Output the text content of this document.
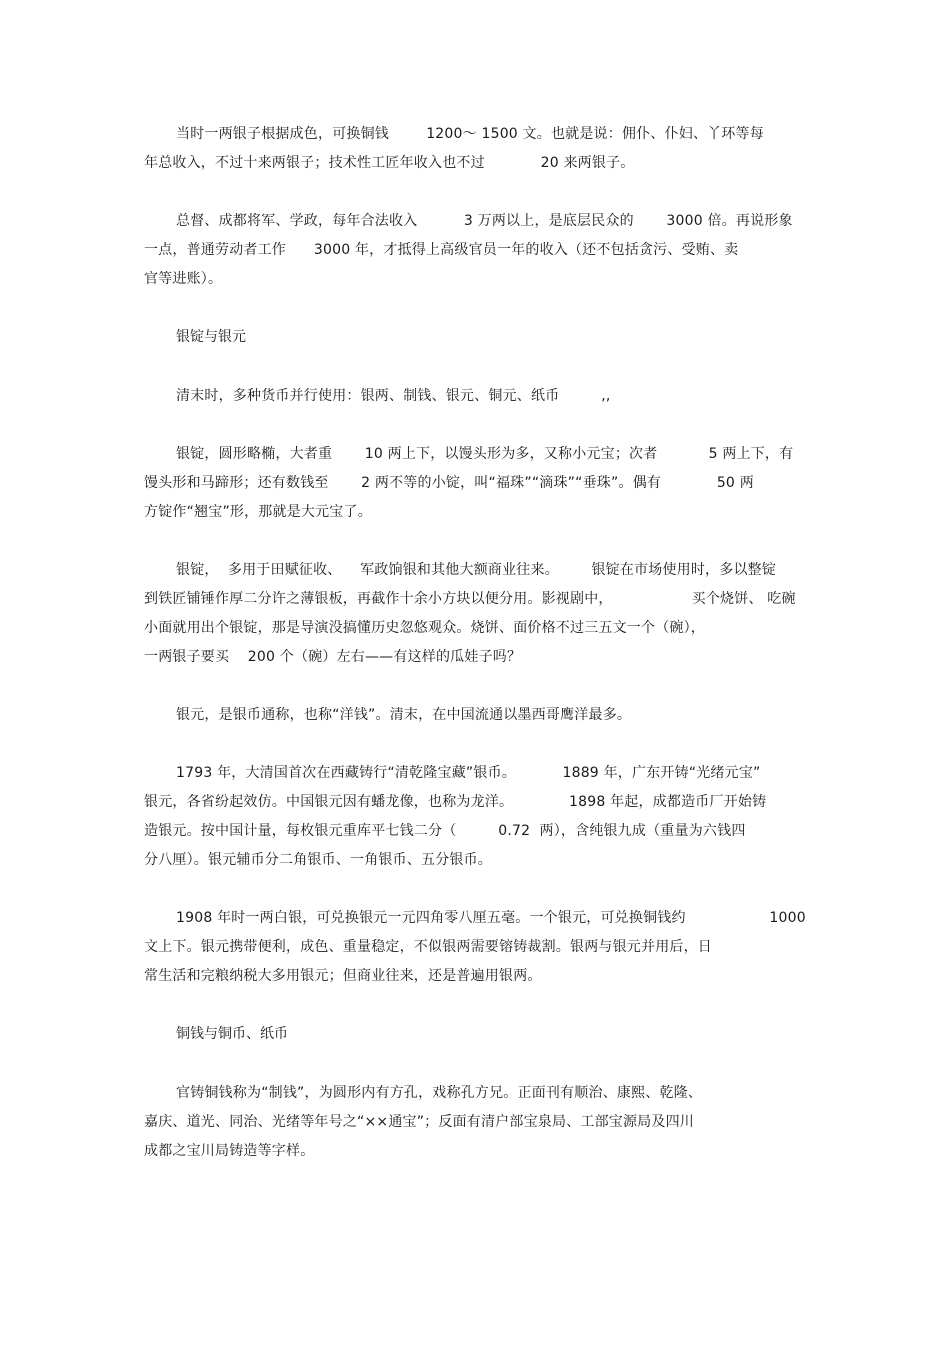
当时一两银子根据成色，可换铜钱        1200～ 1500 文。也就是说：佣仆、仆妇、丫环等每
年总收入，不过十来两银子；技术性工匠年收入也不过            20 来两银子。
总督、成都将军、学政，每年合法收入          3 万两以上，是底层民众的       3000 倍。再说形象
一点，普通劳动者工作      3000 年，才抵得上高级官员一年的收入（还不包括贪污、受贿、卖
官等进账）。
银锭与银元
清末时，多种货币并行使用：银两、制钱、银元、铜元、纸币         ,,
银锭，圆形略椭，大者重       10 两上下，以馒头形为多，又称小元宝；次者           5 两上下，有
馒头形和马蹄形；还有数钱至       2 两不等的小锭，叫“福珠”“滴珠”“垂珠”。偶有            50 两
方锭作“翘宝”形，那就是大元宝了。
银锭，  多用于田赋征收、    军政饷银和其他大额商业往来。       银锭在市场使用时，多以整锭
到铁匠铺锤作厚二分许之薄银板，再截作十余小方块以便分用。影视剧中，                 买个烧饼、 吃碗
小面就用出个银锭，那是导演没搞懂历史忽悠观众。烧饼、面价格不过三五文一个（碗），
一两银子要买    200 个（碗）左右——有这样的瓜娃子吗？
银元，是银币通称，也称“洋钱”。清末，在中国流通以墨西哥鹰洋最多。
1793 年，大清国首次在西藏铸行“清乾隆宝藏”银币。          1889 年，广东开铸“光绪元宝”
银元，各省纷起效仿。中国银元因有蟠龙像，也称为龙洋。            1898 年起，成都造币厂开始铸
造银元。按中国计量，每枚银元重库平七钱二分（         0.72  两），含纯银九成（重量为六钱四
分八厘）。银元辅币分二角银币、一角银币、五分银币。
1908 年时一两白银，可兑换银元一元四角零八厘五毫。一个银元，可兑换铜钱约                  1000
文上下。银元携带便利，成色、重量稳定，不似银两需要镕铸裁割。银两与银元并用后，日
常生活和完粮纳税大多用银元；但商业往来，还是普遍用银两。
铜钱与铜币、纸币
官铸铜钱称为“制钱”，为圆形内有方孔，戏称孔方兄。正面刊有顺治、康熙、乾隆、
嘉庆、道光、同治、光绪等年号之“××通宝”；反面有清户部宝泉局、工部宝源局及四川
成都之宝川局铸造等字样。
